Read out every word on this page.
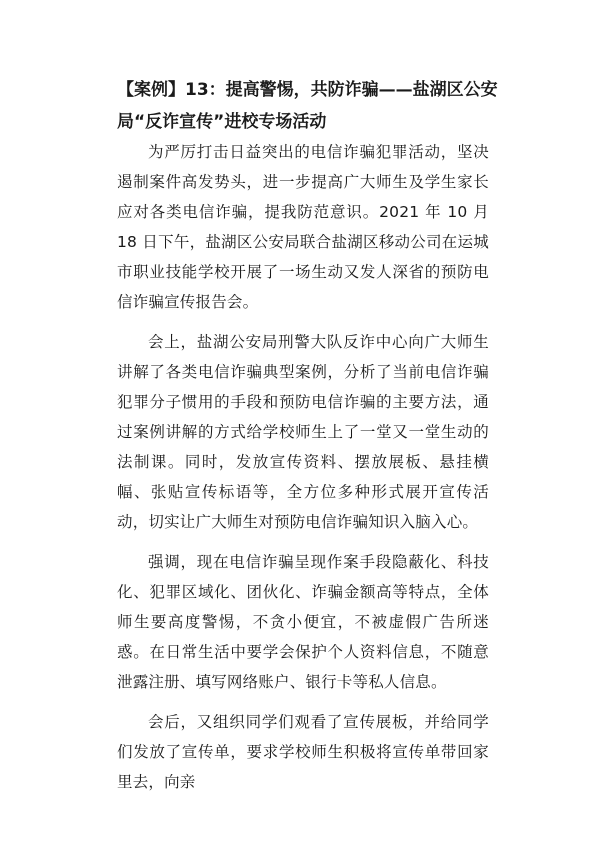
【案例】13：提高警惕，共防诈骗——盐湖区公安局“反诈宣传”进校专场活动

为严厉打击日益突出的电信诈骗犯罪活动，坚决遏制案件高发势头，进一步提高广大师生及学生家长应对各类电信诈骗，提我防范意识。2021 年 10 月 18 日下午，盐湖区公安局联合盐湖区移动公司在运城市职业技能学校开展了一场生动又发人深省的预防电信诈骗宣传报告会。

会上，盐湖公安局刑警大队反诈中心向广大师生讲解了各类电信诈骗典型案例，分析了当前电信诈骗犯罪分子惯用的手段和预防电信诈骗的主要方法，通过案例讲解的方式给学校师生上了一堂又一堂生动的法制课。同时，发放宣传资料、摆放展板、悬挂横幅、张贴宣传标语等，全方位多种形式展开宣传活动，切实让广大师生对预防电信诈骗知识入脑入心。

强调，现在电信诈骗呈现作案手段隐蔽化、科技化、犯罪区域化、团伙化、诈骗金额高等特点，全体师生要高度警惕，不贪小便宜，不被虚假广告所迷惑。在日常生活中要学会保护个人资料信息，不随意泄露注册、填写网络账户、银行卡等私人信息。

会后，又组织同学们观看了宣传展板，并给同学们发放了宣传单，要求学校师生积极将宣传单带回家里去，向亲
